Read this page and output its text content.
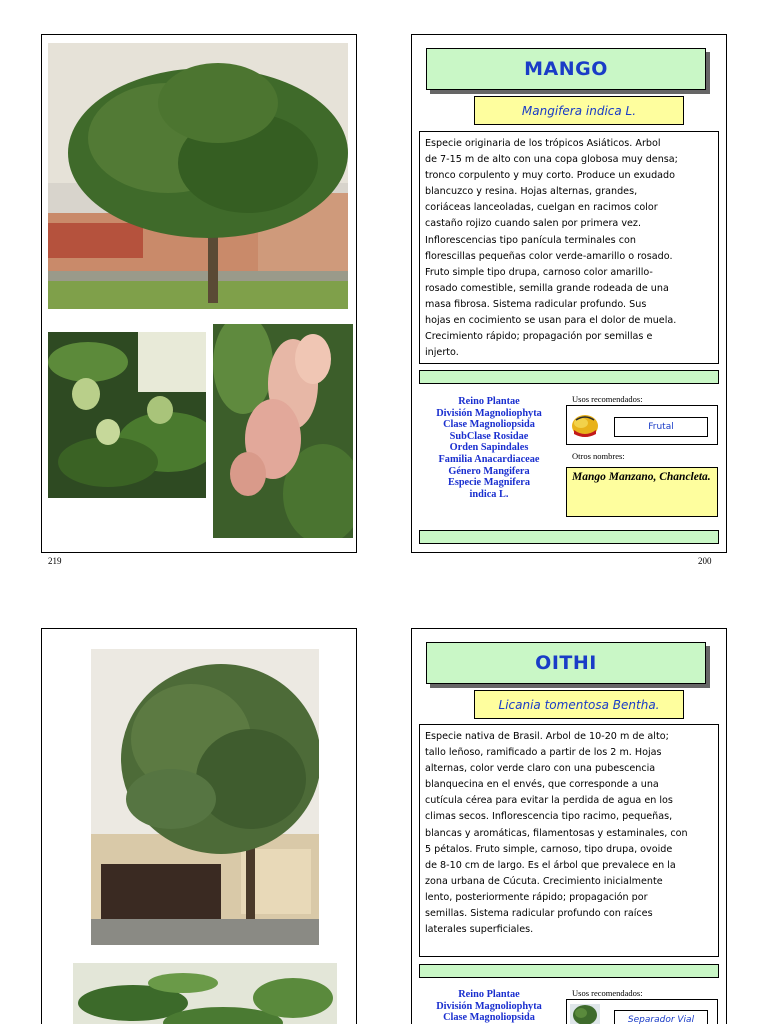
219
MANGO
Mangifera indica L.
Especie originaria de los trópicos Asiáticos. Arbol
de 7-15 m de alto con una copa globosa muy densa;
tronco corpulento y muy corto. Produce un exudado
blancuzco y resina. Hojas alternas, grandes,
coriáceas lanceoladas, cuelgan en racimos color
castaño rojizo cuando salen por primera vez.
Inflorescencias tipo panícula terminales con
florescillas pequeñas color verde-amarillo o rosado.
Fruto simple tipo drupa, carnoso color amarillo-
rosado comestible, semilla grande rodeada de una
masa fibrosa. Sistema radicular profundo. Sus
hojas en cocimiento se usan para el dolor de muela.
Crecimiento rápido; propagación por semillas e
injerto.
Reino Plantae
División Magnoliophyta
Clase Magnoliopsida
SubClase Rosidae
Orden Sapindales
Familia Anacardiaceae
Género Mangifera
Especie Magnifera
indica L.
Usos recomendados:
Frutal
Otros nombres:
Mango Manzano, Chancleta.
200
OITHI
Licania tomentosa Bentha.
Especie nativa de Brasil. Arbol de 10-20 m de alto;
tallo leñoso, ramificado a partir de los 2 m. Hojas
alternas, color verde claro con una pubescencia
blanquecina en el envés, que corresponde a una
cutícula cérea para evitar la perdida de agua en los
climas secos. Inflorescencia tipo racimo, pequeñas,
blancas y aromáticas, filamentosas y estaminales, con
5 pétalos. Fruto simple, carnoso, tipo drupa, ovoide
de 8-10 cm de largo. Es el árbol que prevalece en la
zona urbana de Cúcuta. Crecimiento inicialmente
lento, posteriormente rápido; propagación por
semillas. Sistema radicular profundo con raíces
laterales superficiales.
Reino Plantae
División Magnoliophyta
Clase Magnoliopsida
Usos recomendados:
Separador Vial
